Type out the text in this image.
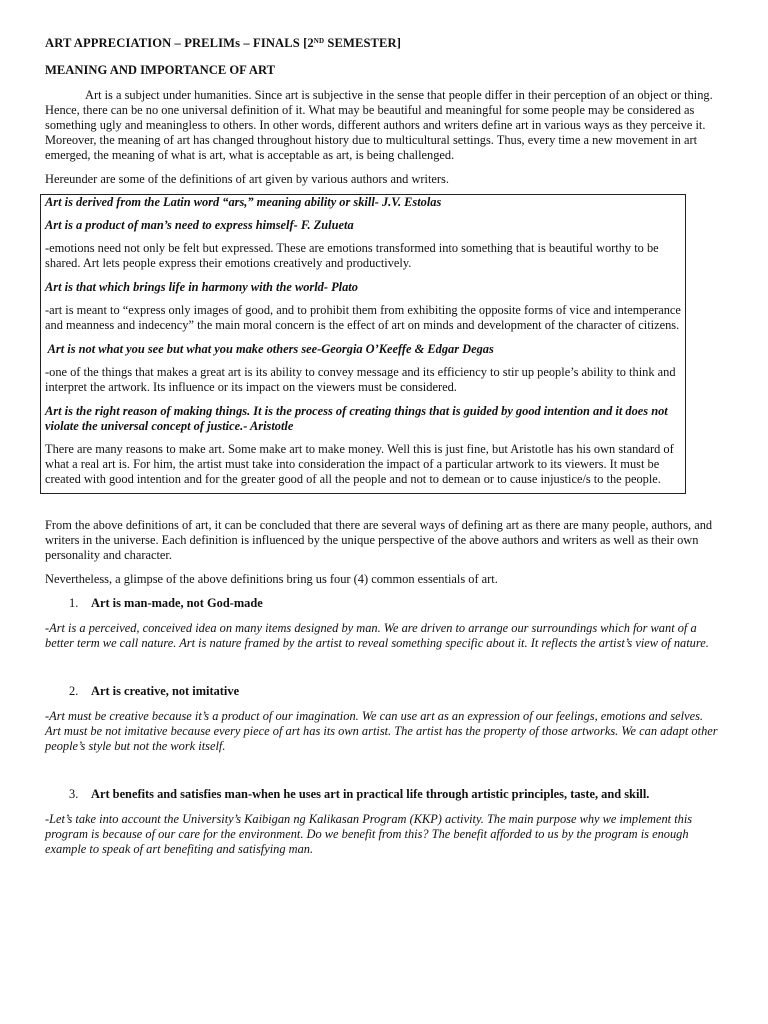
ART APPRECIATION – PRELIMs – FINALS [2ND SEMESTER]

MEANING AND IMPORTANCE OF ART

Art is a subject under humanities. Since art is subjective in the sense that people differ in their perception of an object or thing. Hence, there can be no one universal definition of it. What may be beautiful and meaningful for some people may be considered as something ugly and meaningless to others. In other words, different authors and writers define art in various ways as they perceive it. Moreover, the meaning of art has changed throughout history due to multicultural settings. Thus, every time a new movement in art emerged, the meaning of what is art, what is acceptable as art, is being challenged.

Hereunder are some of the definitions of art given by various authors and writers.

Art is derived from the Latin word “ars,” meaning ability or skill- J.V. Estolas

Art is a product of man’s need to express himself- F. Zulueta

-emotions need not only be felt but expressed. These are emotions transformed into something that is beautiful worthy to be shared. Art lets people express their emotions creatively and productively.

Art is that which brings life in harmony with the world- Plato

-art is meant to “express only images of good, and to prohibit them from exhibiting the opposite forms of vice and intemperance and meanness and indecency” the main moral concern is the effect of art on minds and development of the character of citizens.

Art is not what you see but what you make others see-Georgia O’Keeffe & Edgar Degas

-one of the things that makes a great art is its ability to convey message and its efficiency to stir up people’s ability to think and interpret the artwork. Its influence or its impact on the viewers must be considered.

Art is the right reason of making things. It is the process of creating things that is guided by good intention and it does not violate the universal concept of justice.- Aristotle

There are many reasons to make art. Some make art to make money. Well this is just fine, but Aristotle has his own standard of what a real art is. For him, the artist must take into consideration the impact of a particular artwork to its viewers. It must be created with good intention and for the greater good of all the people and not to demean or to cause injustice/s to the people.

From the above definitions of art, it can be concluded that there are several ways of defining art as there are many people, authors, and writers in the universe. Each definition is influenced by the unique perspective of the above authors and writers as well as their own personality and character.

Nevertheless, a glimpse of the above definitions bring us four (4) common essentials of art.

1. Art is man-made, not God-made

-Art is a perceived, conceived idea on many items designed by man. We are driven to arrange our surroundings which for want of a better term we call nature. Art is nature framed by the artist to reveal something specific about it. It reflects the artist’s view of nature.

2. Art is creative, not imitative

-Art must be creative because it’s a product of our imagination. We can use art as an expression of our feelings, emotions and selves. Art must be not imitative because every piece of art has its own artist. The artist has the property of those artworks. We can adapt other people’s style but not the work itself.

3. Art benefits and satisfies man-when he uses art in practical life through artistic principles, taste, and skill.

-Let’s take into account the University’s Kaibigan ng Kalikasan Program (KKP) activity. The main purpose why we implement this program is because of our care for the environment. Do we benefit from this? The benefit afforded to us by the program is enough example to speak of art benefiting and satisfying man.
